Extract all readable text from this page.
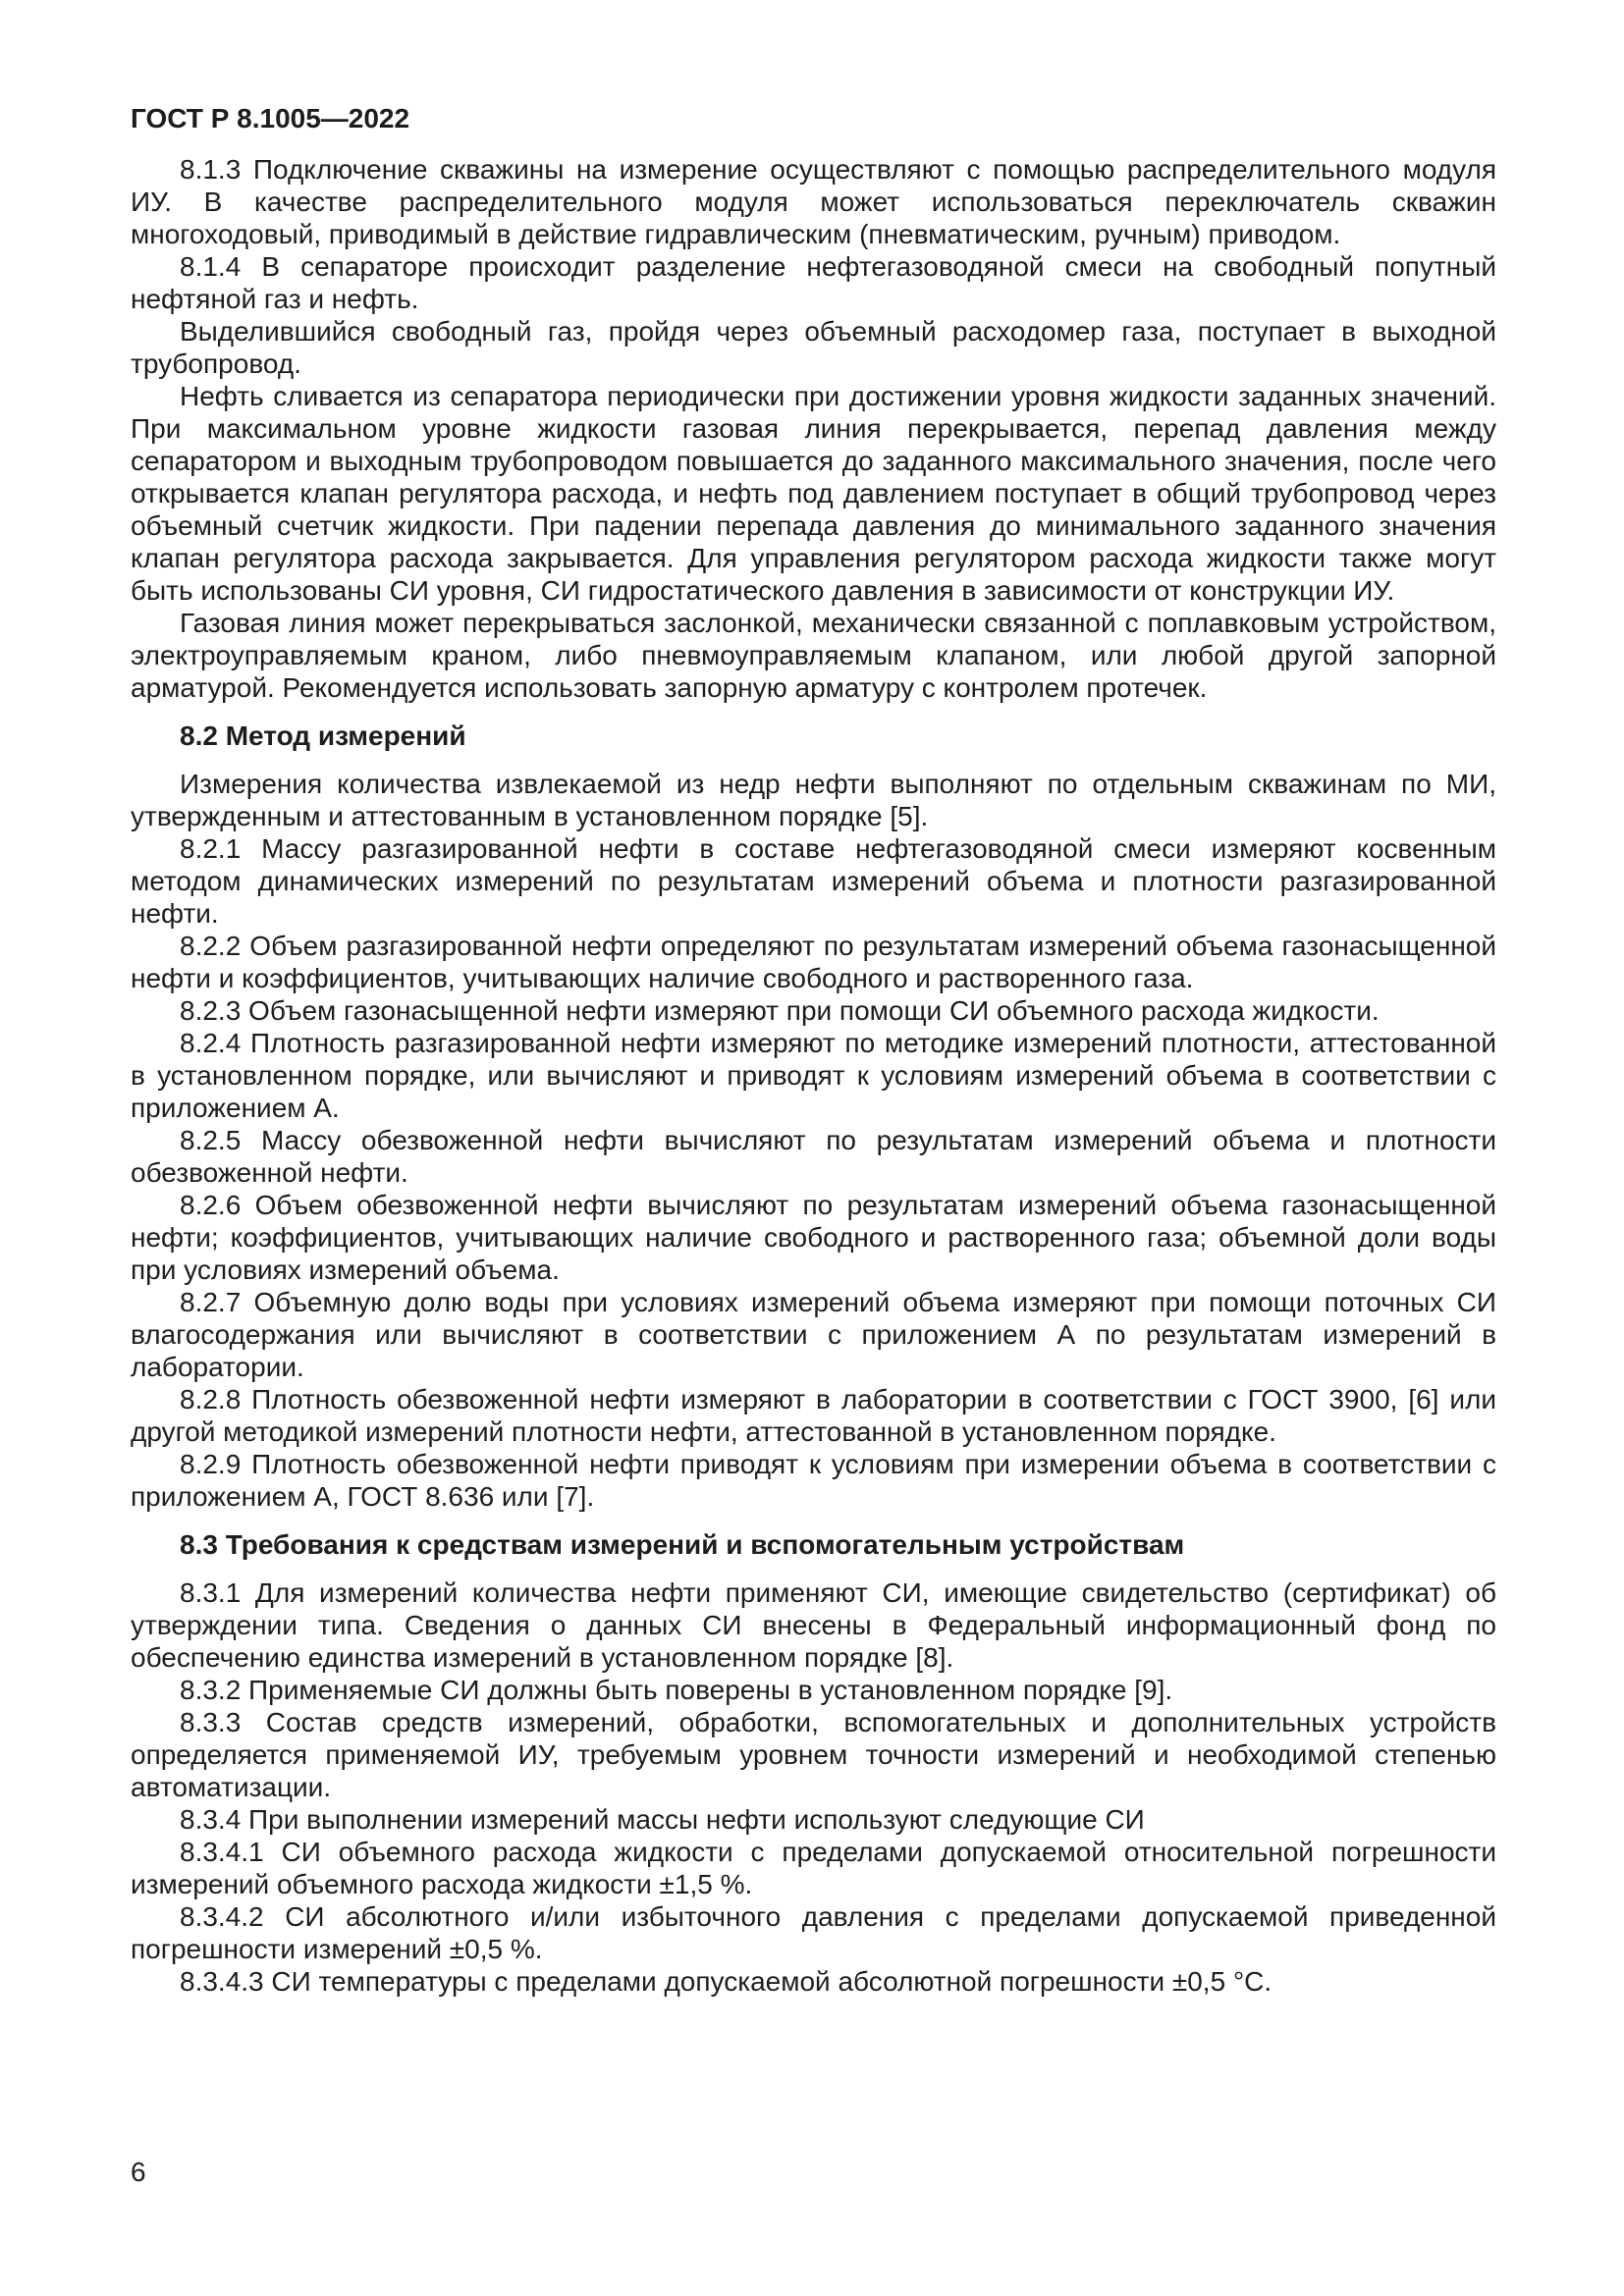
ГОСТ Р 8.1005—2022

8.1.3 Подключение скважины на измерение осуществляют с помощью распределительного модуля ИУ. В качестве распределительного модуля может использоваться переключатель скважин многоходовый, приводимый в действие гидравлическим (пневматическим, ручным) приводом.

8.1.4 В сепараторе происходит разделение нефтегазоводяной смеси на свободный попутный нефтяной газ и нефть.

Выделившийся свободный газ, пройдя через объемный расходомер газа, поступает в выходной трубопровод.

Нефть сливается из сепаратора периодически при достижении уровня жидкости заданных значений. При максимальном уровне жидкости газовая линия перекрывается, перепад давления между сепаратором и выходным трубопроводом повышается до заданного максимального значения, после чего открывается клапан регулятора расхода, и нефть под давлением поступает в общий трубопровод через объемный счетчик жидкости. При падении перепада давления до минимального заданного значения клапан регулятора расхода закрывается. Для управления регулятором расхода жидкости также могут быть использованы СИ уровня, СИ гидростатического давления в зависимости от конструкции ИУ.

Газовая линия может перекрываться заслонкой, механически связанной с поплавковым устройством, электроуправляемым краном, либо пневмоуправляемым клапаном, или любой другой запорной арматурой. Рекомендуется использовать запорную арматуру с контролем протечек.

8.2 Метод измерений

Измерения количества извлекаемой из недр нефти выполняют по отдельным скважинам по МИ, утвержденным и аттестованным в установленном порядке [5].

8.2.1 Массу разгазированной нефти в составе нефтегазоводяной смеси измеряют косвенным методом динамических измерений по результатам измерений объема и плотности разгазированной нефти.

8.2.2 Объем разгазированной нефти определяют по результатам измерений объема газонасыщенной нефти и коэффициентов, учитывающих наличие свободного и растворенного газа.

8.2.3 Объем газонасыщенной нефти измеряют при помощи СИ объемного расхода жидкости.

8.2.4 Плотность разгазированной нефти измеряют по методике измерений плотности, аттестованной в установленном порядке, или вычисляют и приводят к условиям измерений объема в соответствии с приложением А.

8.2.5 Массу обезвоженной нефти вычисляют по результатам измерений объема и плотности обезвоженной нефти.

8.2.6 Объем обезвоженной нефти вычисляют по результатам измерений объема газонасыщенной нефти; коэффициентов, учитывающих наличие свободного и растворенного газа; объемной доли воды при условиях измерений объема.

8.2.7 Объемную долю воды при условиях измерений объема измеряют при помощи поточных СИ влагосодержания или вычисляют в соответствии с приложением А по результатам измерений в лаборатории.

8.2.8 Плотность обезвоженной нефти измеряют в лаборатории в соответствии с ГОСТ 3900, [6] или другой методикой измерений плотности нефти, аттестованной в установленном порядке.

8.2.9 Плотность обезвоженной нефти приводят к условиям при измерении объема в соответствии с приложением А, ГОСТ 8.636 или [7].

8.3 Требования к средствам измерений и вспомогательным устройствам

8.3.1 Для измерений количества нефти применяют СИ, имеющие свидетельство (сертификат) об утверждении типа. Сведения о данных СИ внесены в Федеральный информационный фонд по обеспечению единства измерений в установленном порядке [8].

8.3.2 Применяемые СИ должны быть поверены в установленном порядке [9].

8.3.3 Состав средств измерений, обработки, вспомогательных и дополнительных устройств определяется применяемой ИУ, требуемым уровнем точности измерений и необходимой степенью автоматизации.

8.3.4 При выполнении измерений массы нефти используют следующие СИ

8.3.4.1 СИ объемного расхода жидкости с пределами допускаемой относительной погрешности измерений объемного расхода жидкости ±1,5 %.

8.3.4.2 СИ абсолютного и/или избыточного давления с пределами допускаемой приведенной погрешности измерений ±0,5 %.

8.3.4.3 СИ температуры с пределами допускаемой абсолютной погрешности ±0,5 °С.

6
